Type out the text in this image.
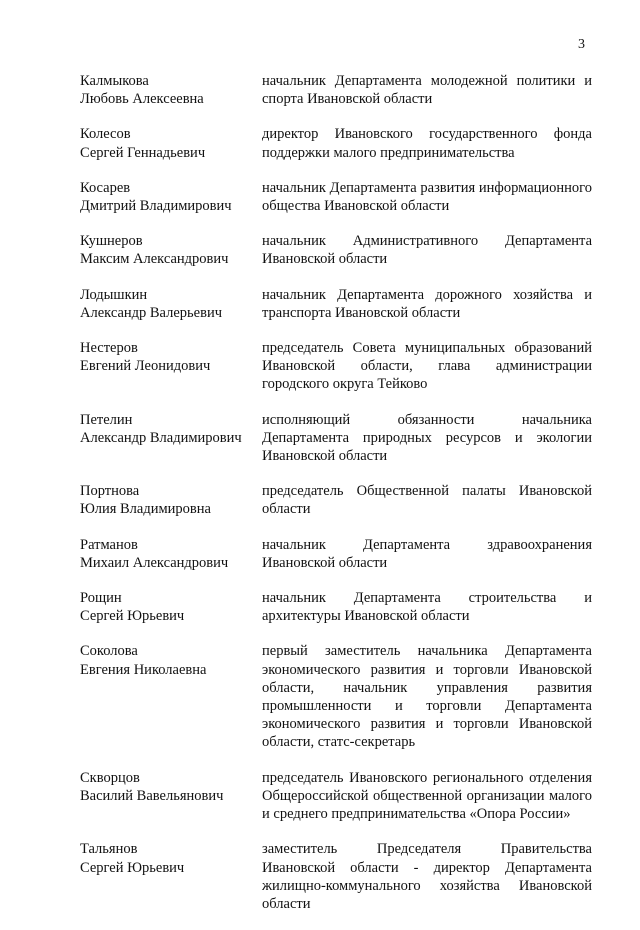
3
Калмыкова
Любовь Алексеевна
начальник Департамента молодежной политики и спорта Ивановской области
Колесов
Сергей Геннадьевич
директор Ивановского государственного фонда поддержки малого предпринимательства
Косарев
Дмитрий Владимирович
начальник Департамента развития информационного общества Ивановской области
Кушнеров
Максим Александрович
начальник Административного Департамента Ивановской области
Лодышкин
Александр Валерьевич
начальник Департамента дорожного хозяйства и транспорта Ивановской области
Нестеров
Евгений Леонидович
председатель Совета муниципальных образований Ивановской области, глава администрации городского округа Тейково
Петелин
Александр Владимирович
исполняющий обязанности начальника Департамента природных ресурсов и экологии Ивановской области
Портнова
Юлия Владимировна
председатель Общественной палаты Ивановской области
Ратманов
Михаил Александрович
начальник Департамента здравоохранения Ивановской области
Рощин
Сергей Юрьевич
начальник Департамента строительства и архитектуры Ивановской области
Соколова
Евгения Николаевна
первый заместитель начальника Департамента экономического развития и торговли Ивановской области, начальник управления развития промышленности и торговли Департамента экономического развития и торговли Ивановской области, статс-секретарь
Скворцов
Василий Вавельянович
председатель Ивановского регионального отделения Общероссийской общественной организации малого и среднего предпринимательства «Опора России»
Тальянов
Сергей Юрьевич
заместитель Председателя Правительства Ивановской области - директор Департамента жилищно-коммунального хозяйства Ивановской области
